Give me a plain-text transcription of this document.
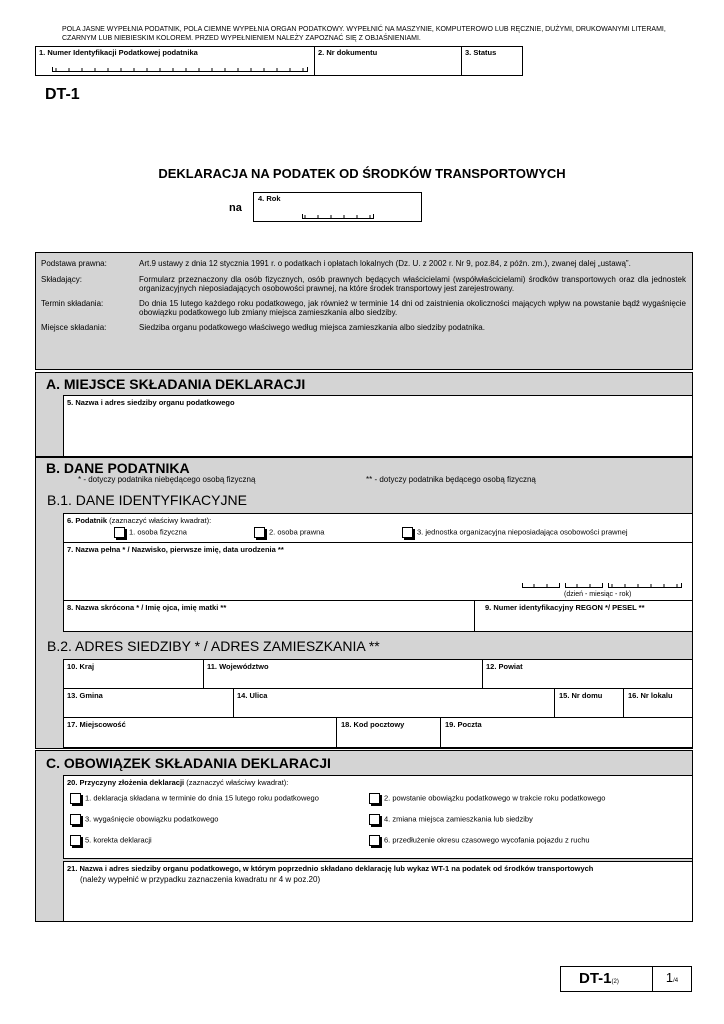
POLA JASNE WYPEŁNIA PODATNIK, POLA CIEMNE WYPEŁNIA ORGAN PODATKOWY. WYPEŁNIĆ NA MASZYNIE, KOMPUTEROWO LUB RĘCZNIE, DUŻYMI, DRUKOWANYMI LITERAMI, CZARNYM LUB NIEBIESKIM KOLOREM. PRZED WYPEŁNIENIEM NALEŻY ZAPOZNAĆ SIĘ Z OBJAŚNIENIAMI.
1. Numer Identyfikacji Podatkowej podatnika	2. Nr dokumentu	3. Status
DT-1
DEKLARACJA NA PODATEK OD ŚRODKÓW TRANSPORTOWYCH
na
4. Rok
Podstawa prawna:	Art.9 ustawy z dnia 12 stycznia 1991 r. o podatkach i opłatach lokalnych (Dz. U. z 2002 r. Nr 9, poz.84, z późn. zm.), zwanej dalej „ustawą”.
Składający:	Formularz przeznaczony dla osób fizycznych, osób prawnych będących właścicielami (współwłaścicielami) środków transportowych oraz dla jednostek organizacyjnych nieposiadających osobowości prawnej, na które środek transportowy jest zarejestrowany.
Termin składania:	Do dnia 15 lutego każdego roku podatkowego, jak również w terminie 14 dni od zaistnienia okoliczności mających wpływ na powstanie bądź wygaśnięcie obowiązku podatkowego lub zmiany miejsca zamieszkania albo siedziby.
Miejsce składania:	Siedziba organu podatkowego właściwego według miejsca zamieszkania albo siedziby podatnika.
A. MIEJSCE SKŁADANIA DEKLARACJI
5. Nazwa i adres siedziby organu podatkowego
B. DANE PODATNIKA
* - dotyczy podatnika niebędącego osobą fizyczną	** - dotyczy podatnika będącego osobą fizyczną
B.1. DANE IDENTYFIKACYJNE
6. Podatnik (zaznaczyć właściwy kwadrat):
1. osoba fizyczna	2. osoba prawna	3. jednostka organizacyjna nieposiadająca osobowości prawnej
7. Nazwa pełna * / Nazwisko, pierwsze imię, data urodzenia **
(dzień - miesiąc - rok)
8. Nazwa skrócona * / Imię ojca, imię matki **	9. Numer identyfikacyjny REGON */ PESEL **
B.2. ADRES SIEDZIBY * / ADRES ZAMIESZKANIA **
10. Kraj	11. Województwo	12. Powiat
13. Gmina	14. Ulica	15. Nr domu	16. Nr lokalu
17. Miejscowość	18. Kod pocztowy	19. Poczta
C. OBOWIĄZEK SKŁADANIA DEKLARACJI
20. Przyczyny złożenia deklaracji (zaznaczyć właściwy kwadrat):
1. deklaracja składana w terminie do dnia 15 lutego roku podatkowego	2. powstanie obowiązku podatkowego w trakcie roku podatkowego
3. wygaśnięcie obowiązku podatkowego	4. zmiana miejsca zamieszkania lub siedziby
5. korekta deklaracji	6. przedłużenie okresu czasowego wycofania pojazdu z ruchu
21. Nazwa i adres siedziby organu podatkowego, w którym poprzednio składano deklarację lub wykaz WT-1 na podatek od środków transportowych
(należy wypełnić w przypadku zaznaczenia kwadratu nr 4 w poz.20)
DT-1(2)	1/4
